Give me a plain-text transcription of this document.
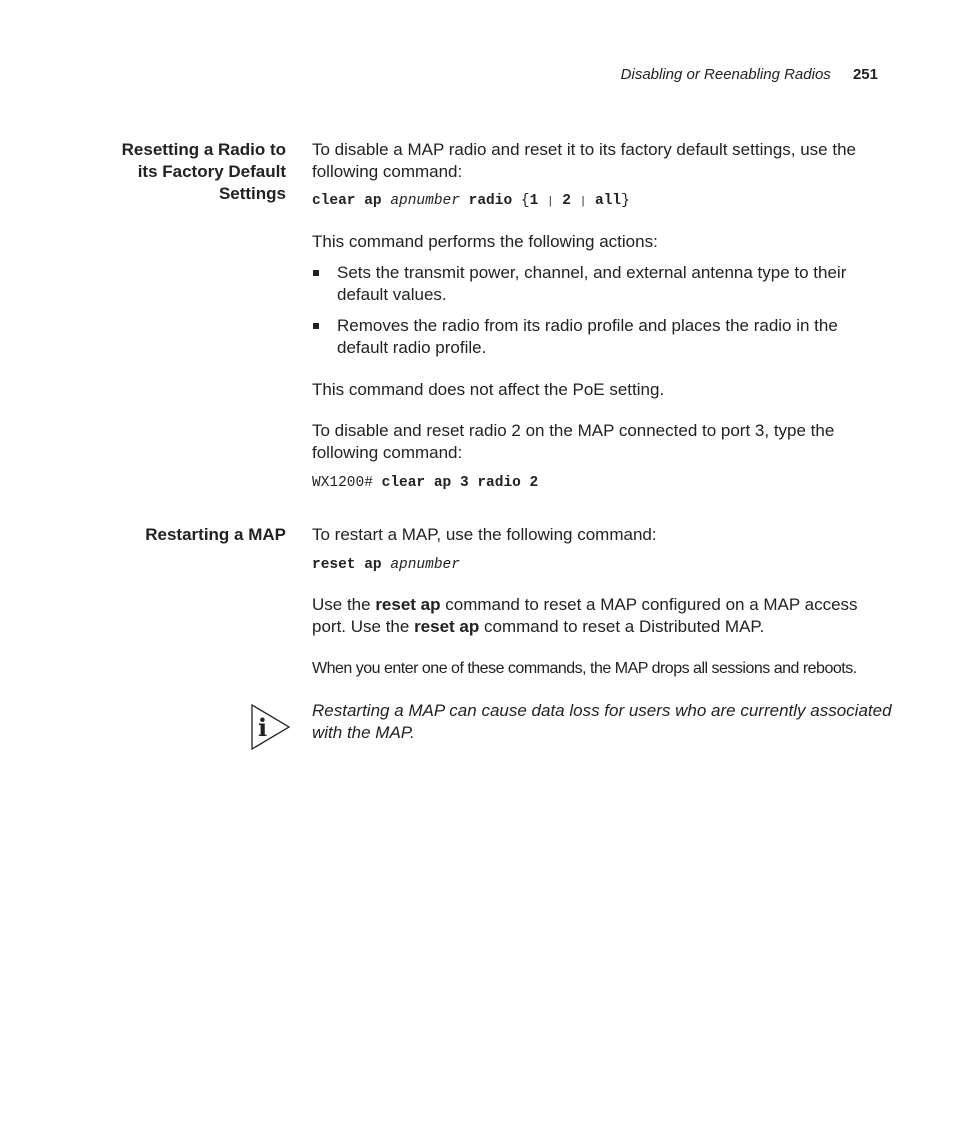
Disabling or Reenabling Radios 251
Resetting a Radio to
its Factory Default
Settings

To disable a MAP radio and reset it to its factory default settings, use the following command:

clear ap apnumber radio {1 | 2 | all}

This command performs the following actions:

Sets the transmit power, channel, and external antenna type to their default values.
Removes the radio from its radio profile and places the radio in the default radio profile.

This command does not affect the PoE setting.

To disable and reset radio 2 on the MAP connected to port 3, type the following command:

WX1200# clear ap 3 radio 2
Restarting a MAP To restart a MAP, use the following command:

reset ap apnumber

Use the reset ap command to reset a MAP configured on a MAP access port. Use the reset ap command to reset a Distributed MAP.

When you enter one of these commands, the MAP drops all sessions and reboots.

Restarting a MAP can cause data loss for users who are currently associated with the MAP.

i
